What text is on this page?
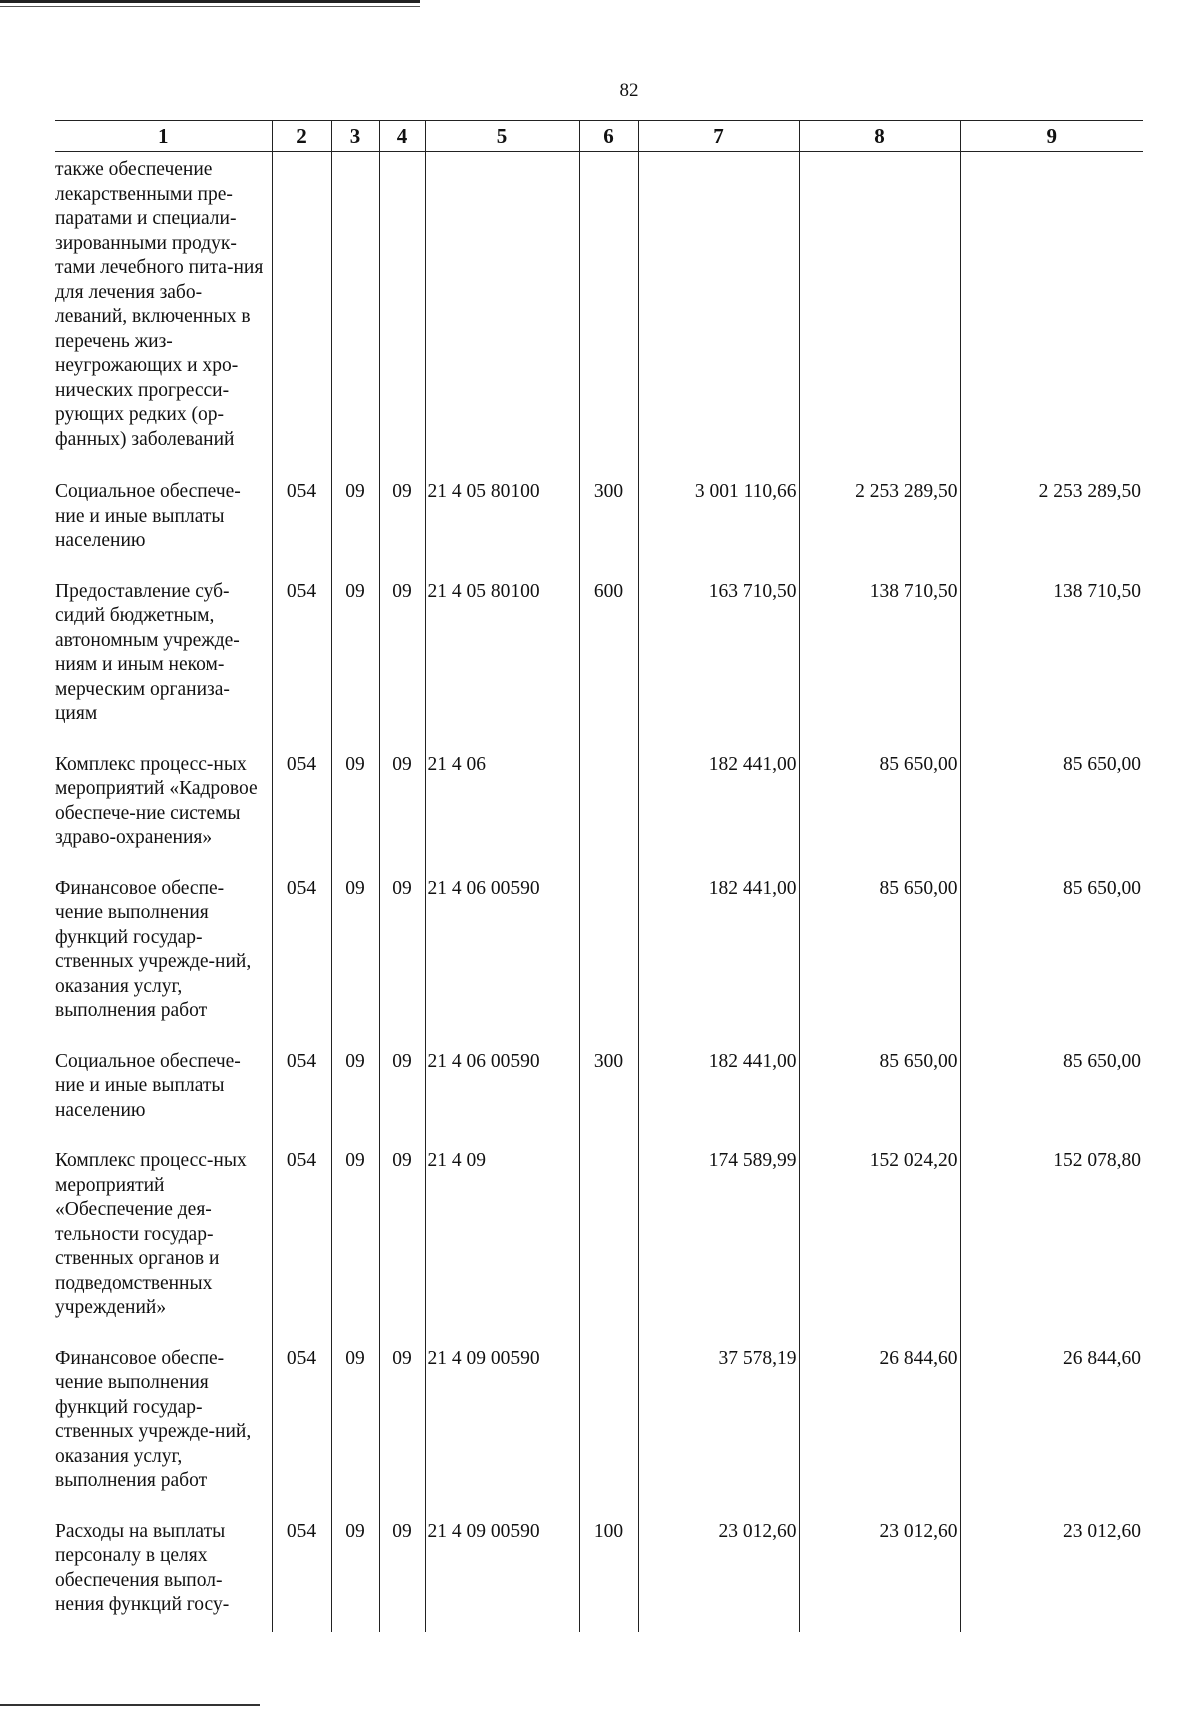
82
1	2	3	4	5	6	7	8	9
также обеспечение лекарственными пре-паратами и специали-зированными продук-тами лечебного пита-ния для лечения забо-леваний, включенных в перечень жиз-неугрожающих и хро-нических прогресси-рующих редких (ор-фанных) заболеваний								
Социальное обеспече-ние и иные выплаты населению	054	09	09	21 4 05 80100	300	3 001 110,66	2 253 289,50	2 253 289,50
Предоставление суб-сидий бюджетным, автономным учрежде-ниям и иным неком-мерческим организа-циям	054	09	09	21 4 05 80100	600	163 710,50	138 710,50	138 710,50
Комплекс процесс-ных мероприятий «Кадровое обеспече-ние системы здраво-охранения»	054	09	09	21 4 06		182 441,00	85 650,00	85 650,00
Финансовое обеспе-чение выполнения функций государ-ственных учрежде-ний, оказания услуг, выполнения работ	054	09	09	21 4 06 00590		182 441,00	85 650,00	85 650,00
Социальное обеспече-ние и иные выплаты населению	054	09	09	21 4 06 00590	300	182 441,00	85 650,00	85 650,00
Комплекс процесс-ных мероприятий «Обеспечение дея-тельности государ-ственных органов и подведомственных учреждений»	054	09	09	21 4 09		174 589,99	152 024,20	152 078,80
Финансовое обеспе-чение выполнения функций государ-ственных учрежде-ний, оказания услуг, выполнения работ	054	09	09	21 4 09 00590		37 578,19	26 844,60	26 844,60
Расходы на выплаты персоналу в целях обеспечения выпол-нения функций госу-	054	09	09	21 4 09 00590	100	23 012,60	23 012,60	23 012,60
